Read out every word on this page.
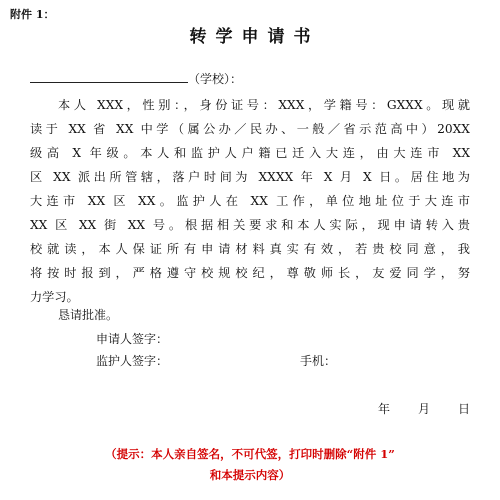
附件 1：
转学申请书
（学校）：
本人 XXX，性别：，身份证号：XXX，学籍号：GXXX。现就
读于 XX 省 XX 中学（属公办／民办、一般／省示范高中）20XX
级高 X 年级。本人和监护人户籍已迁入大连，由大连市 XX
区 XX 派出所管辖，落户时间为 XXXX 年 X 月 X 日。居住地为
大连市 XX 区 XX。监护人在 XX 工作，单位地址位于大连市
XX 区 XX 街 XX 号。根据相关要求和本人实际，现申请转入贵
校就读，本人保证所有申请材料真实有效，若贵校同意，我
将按时报到，严格遵守校规校纪，尊敬师长，友爱同学，努
力学习。
恳请批准。
申请人签字：
监护人签字：	手机：
年 月 日
（提示：本人亲自签名，不可代签，打印时删除“附件 1”
和本提示内容）
